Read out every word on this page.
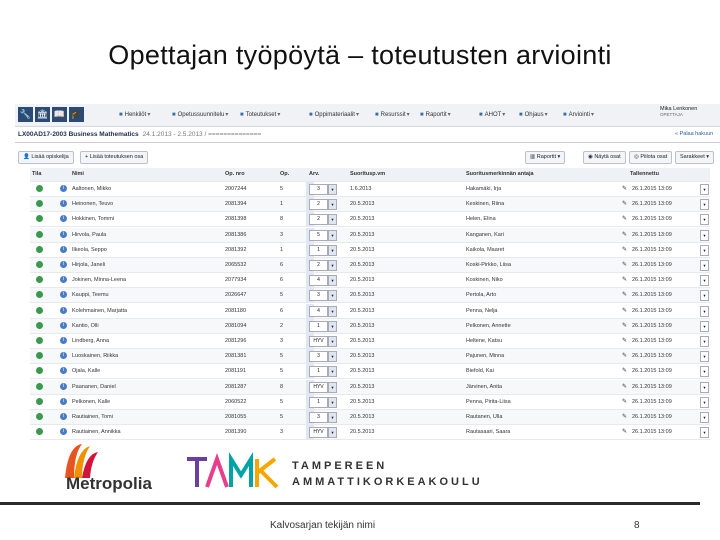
Opettajan työpöytä – toteutusten arviointi
🔧 🏛 📖 🎓	■ Henkilöt▾	■ Opetussuunnitelu▾ ■ Toteutukset▾	■ Oppimateriaalit▾	■ Resurssit▾ ■ Raportit▾	■ AHOT▾ ■ Ohjaus▾	■ Arviointi▾
Mika Lenkonen
OPETTAJA
LX00AD17-2003 Business Mathematics 24.1.2013 - 2.5.2013 / ==============	« Palaa hakuun
👤 Lisää opiskelija	+ Lisää toteutuksen osa	▥ Raportit ▾	◉ Näytä osat	◎ Piilota osat	Sarakkeet ▾
Tila	Nimi	Op. nro	Op.	Arv.	Suoritusp.vm	Suoritusmerkinnän antaja	Tallennettu
i	Aaltonen, Mikko	2007244	5	3	▾	1.6.2013	Hakamäki, Irja	✎ 26.1.2015 13:09	▾
i	Heinonen, Teuvo	2081394	1	2	▾	20.5.2013	Keskinen, Riina	✎ 26.1.2015 13:09	▾
i	Hokkinen, Tommi	2081398	8	2	▾	20.5.2013	Helen, Elina	✎ 26.1.2015 13:09	▾
i	Hirvola, Paula	2081386	3	5	▾	20.5.2013	Kanganen, Kari	✎ 26.1.2015 13:09	▾
i	Ilkeola, Seppo	2081392	1	1	▾	20.5.2013	Kaikola, Maaret	✎ 26.1.2015 13:09	▾
i	Hirjola, Janeli	2065532	6	2	▾	20.5.2013	Koski-Pirkko, Liisa	✎ 26.1.2015 13:09	▾
i	Jokinen, Minna-Leena	2077934	6	4	▾	20.5.2013	Koskinen, Niko	✎ 26.1.2015 13:09	▾
i	Kauppi, Teemu	2026647	5	3	▾	20.5.2013	Pertola, Arto	✎ 26.1.2015 13:09	▾
i	Kolehmainen, Marjatta	2081180	6	4	▾	20.5.2013	Penna, Nelja	✎ 26.1.2015 13:09	▾
i	Kantio, Olli	2081094	2	1	▾	20.5.2013	Pelkonen, Annette	✎ 26.1.2015 13:09	▾
i	Lindberg, Anna	2081296	3	HYV	▾	20.5.2013	Heltene, Katsu	✎ 26.1.2015 13:09	▾
i	Luoskainen, Riikka	2081381	5	3	▾	20.5.2013	Pajunen, Minna	✎ 26.1.2015 13:09	▾
i	Ojala, Kalle	2081191	5	1	▾	20.5.2013	Biefold, Kai	✎ 26.1.2015 13:09	▾
i	Paananen, Daniel	2081287	8	HYV	▾	20.5.2013	Järvinen, Anita	✎ 26.1.2015 13:09	▾
i	Pelkonen, Kalle	2060522	5	1	▾	20.5.2013	Penna, Pirita-Liisa	✎ 26.1.2015 13:09	▾
i	Rautiainen, Tomi	2081055	5	3	▾	20.5.2013	Rautanen, Ulla	✎ 26.1.2015 13:09	▾
i	Rautiainen, Annikka	2081390	3	HYV	▾	20.5.2013	Rautasaari, Saara	✎ 26.1.2015 13:09	▾
Metropolia
TAMPEREEN
AMMATTIKORKEAKOULU
Kalvosarjan tekijän nimi	8
